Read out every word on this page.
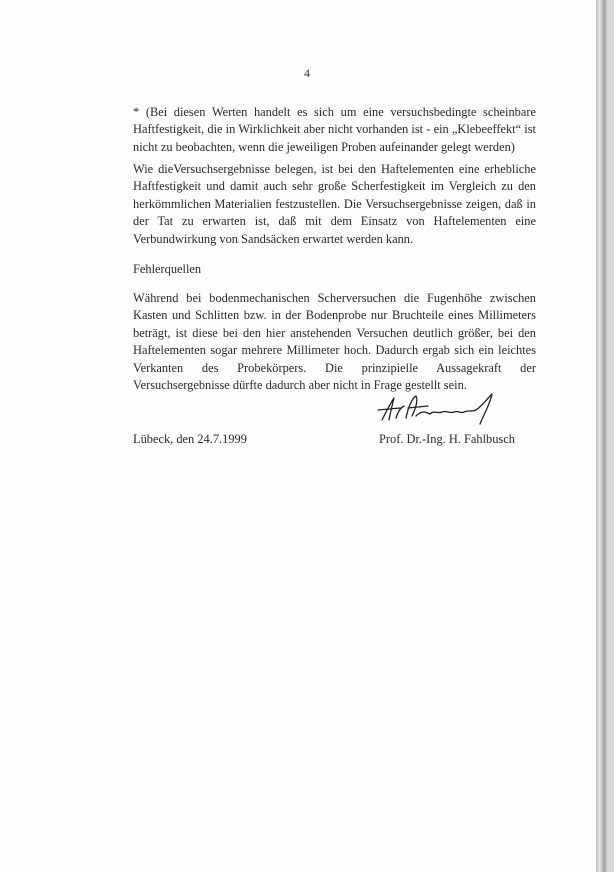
4

* (Bei diesen Werten handelt es sich um eine versuchsbedingte scheinbare Haftfestigkeit, die in Wirklichkeit aber nicht vorhanden ist - ein „Klebeeffekt“ ist nicht zu beobachten, wenn die jeweiligen Proben aufeinander gelegt werden)

Wie dieVersuchsergebnisse belegen, ist bei den Haftelementen eine erhebliche Haftfestigkeit und damit auch sehr große Scherfestigkeit im Vergleich zu den herkömmlichen Materialien festzustellen. Die Versuchsergebnisse zeigen, daß in der Tat zu erwarten ist, daß mit dem Einsatz von Haftelementen eine Verbundwirkung von Sandsäcken erwartet werden kann.

Fehlerquellen

Während bei bodenmechanischen Scherversuchen die Fugenhöhe zwischen Kasten und Schlitten bzw. in der Bodenprobe nur Bruchteile eines Millimeters beträgt, ist diese bei den hier anstehenden Versuchen deutlich größer, bei den Haftelementen sogar mehrere Millimeter hoch. Dadurch ergab sich ein leichtes Verkanten des Probekörpers. Die prinzipielle Aussagekraft der Versuchsergebnisse dürfte dadurch aber nicht in Frage gestellt sein.

Lübeck, den 24.7.1999	Prof. Dr.-Ing. H. Fahlbusch
